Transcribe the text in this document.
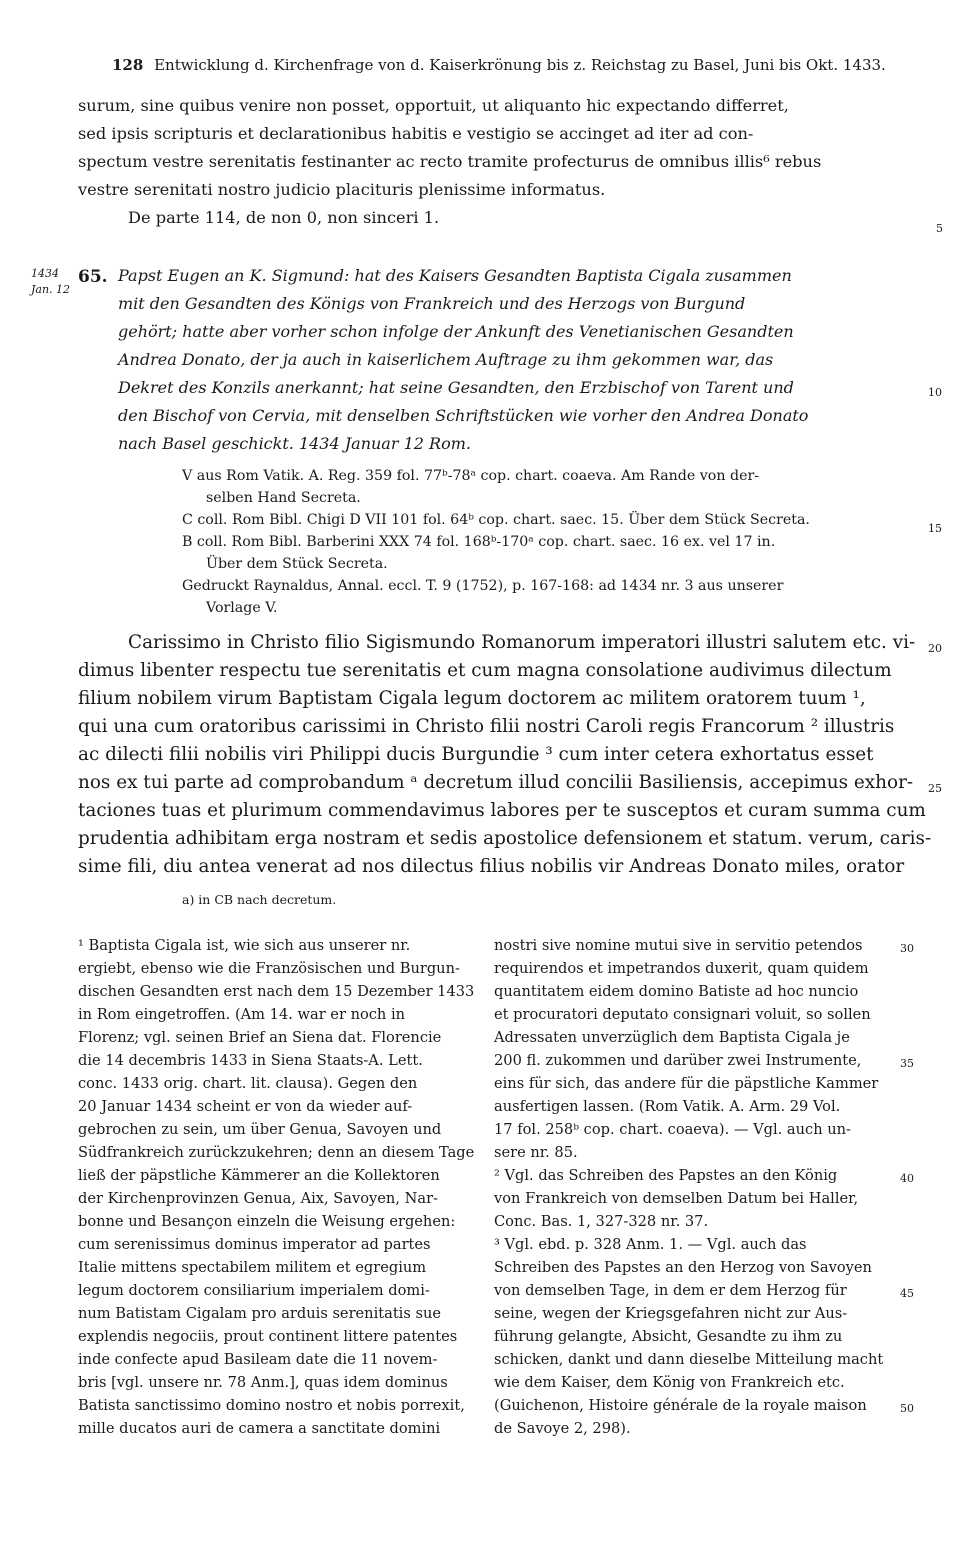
128 Entwicklung d. Kirchenfrage von d. Kaiserkrönung bis z. Reichstag zu Basel, Juni bis Okt. 1433.
surum, sine quibus venire non posset, opportuit, ut aliquanto hic expectando differret,
sed ipsis scripturis et declarationibus habitis e vestigio se accinget ad iter ad con-
spectum vestre serenitatis festinanter ac recto tramite profecturus de omnibus illis⁶ rebus
vestre serenitati nostro judicio placituris plenissime informatus.
De parte 114, de non 0, non sinceri 1.
5
1434
Jan. 12
65. Papst Eugen an K. Sigmund: hat des Kaisers Gesandten Baptista Cigala zusammen
mit den Gesandten des Königs von Frankreich und des Herzogs von Burgund
gehört; hatte aber vorher schon infolge der Ankunft des Venetianischen Gesandten
Andrea Donato, der ja auch in kaiserlichem Auftrage zu ihm gekommen war, das
Dekret des Konzils anerkannt; hat seine Gesandten, den Erzbischof von Tarent und
den Bischof von Cervia, mit denselben Schriftstücken wie vorher den Andrea Donato
nach Basel geschickt. 1434 Januar 12 Rom.
10
V aus Rom Vatik. A. Reg. 359 fol. 77ᵇ-78ᵃ cop. chart. coaeva. Am Rande von der-
selben Hand Secreta.
C coll. Rom Bibl. Chigi D VII 101 fol. 64ᵇ cop. chart. saec. 15. Über dem Stück Secreta.
B coll. Rom Bibl. Barberini XXX 74 fol. 168ᵇ-170ᵃ cop. chart. saec. 16 ex. vel 17 in.
Über dem Stück Secreta.
Gedruckt Raynaldus, Annal. eccl. T. 9 (1752), p. 167-168: ad 1434 nr. 3 aus unserer
Vorlage V.
15
Carissimo in Christo filio Sigismundo Romanorum imperatori illustri salutem etc. vi-
dimus libenter respectu tue serenitatis et cum magna consolatione audivimus dilectum
filium nobilem virum Baptistam Cigala legum doctorem ac militem oratorem tuum ¹,
qui una cum oratoribus carissimi in Christo filii nostri Caroli regis Francorum ² illustris
ac dilecti filii nobilis viri Philippi ducis Burgundie ³ cum inter cetera exhortatus esset
nos ex tui parte ad comprobandum ᵃ decretum illud concilii Basiliensis, accepimus exhor-
taciones tuas et plurimum commendavimus labores per te susceptos et curam summa cum
prudentia adhibitam erga nostram et sedis apostolice defensionem et statum. verum, caris-
sime fili, diu antea venerat ad nos dilectus filius nobilis vir Andreas Donato miles, orator
20
25
a) in CB nach decretum.
¹ Baptista Cigala ist, wie sich aus unserer nr.
ergiebt, ebenso wie die Französischen und Burgun-
dischen Gesandten erst nach dem 15 Dezember 1433
in Rom eingetroffen. (Am 14. war er noch in
Florenz; vgl. seinen Brief an Siena dat. Florencie
die 14 decembris 1433 in Siena Staats-A. Lett.
conc. 1433 orig. chart. lit. clausa). Gegen den
20 Januar 1434 scheint er von da wieder auf-
gebrochen zu sein, um über Genua, Savoyen und
Südfrankreich zurückzukehren; denn an diesem Tage
ließ der päpstliche Kämmerer an die Kollektoren
der Kirchenprovinzen Genua, Aix, Savoyen, Nar-
bonne und Besançon einzeln die Weisung ergehen:
cum serenissimus dominus imperator ad partes
Italie mittens spectabilem militem et egregium
legum doctorem consiliarium imperialem domi-
num Batistam Cigalam pro arduis serenitatis sue
explendis negociis, prout continent littere patentes
inde confecte apud Basileam date die 11 novem-
bris [vgl. unsere nr. 78 Anm.], quas idem dominus
Batista sanctissimo domino nostro et nobis porrexit,
mille ducatos auri de camera a sanctitate domini
nostri sive nomine mutui sive in servitio petendos
requirendos et impetrandos duxerit, quam quidem
quantitatem eidem domino Batiste ad hoc nuncio
et procuratori deputato consignari voluit, so sollen
Adressaten unverzüglich dem Baptista Cigala je
200 fl. zukommen und darüber zwei Instrumente,
eins für sich, das andere für die päpstliche Kammer
ausfertigen lassen. (Rom Vatik. A. Arm. 29 Vol.
17 fol. 258ᵇ cop. chart. coaeva). — Vgl. auch un-
sere nr. 85.
² Vgl. das Schreiben des Papstes an den König
von Frankreich von demselben Datum bei Haller,
Conc. Bas. 1, 327-328 nr. 37.
³ Vgl. ebd. p. 328 Anm. 1. — Vgl. auch das
Schreiben des Papstes an den Herzog von Savoyen
von demselben Tage, in dem er dem Herzog für
seine, wegen der Kriegsgefahren nicht zur Aus-
führung gelangte, Absicht, Gesandte zu ihm zu
schicken, dankt und dann dieselbe Mitteilung macht
wie dem Kaiser, dem König von Frankreich etc.
(Guichenon, Histoire générale de la royale maison
de Savoye 2, 298).
30
35
40
45
50
